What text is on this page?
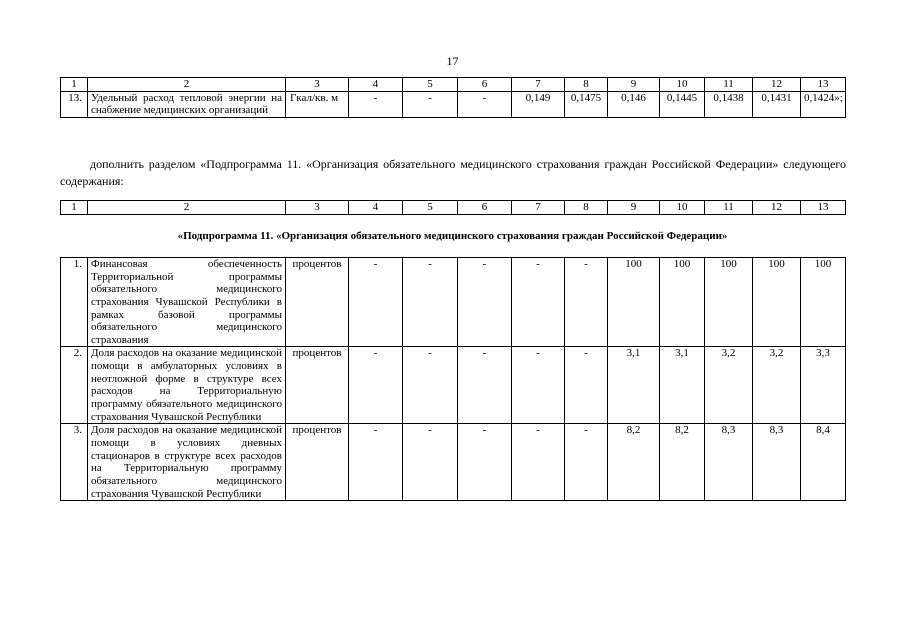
17
1	2	3	4	5	6	7	8	9	10	11	12	13
13.	Удельный расход тепловой энергии на снабжение медицинских организаций	Гкал/кв. м	-	-	-	0,149	0,1475	0,146	0,1445	0,1438	0,1431	0,1424»;
дополнить разделом «Подпрограмма 11. «Организация обязательного медицинского страхования граждан Российской Федерации» следующего содержания:
1	2	3	4	5	6	7	8	9	10	11	12	13
«Подпрограмма 11. «Организация обязательного медицинского страхования граждан Российской Федерации»
1.	Финансовая обеспеченность Территориальной программы обязательного медицинского страхования Чувашской Республики в рамках базовой программы обязательного медицинского страхования	процентов	-	-	-	-	-	100	100	100	100	100
2.	Доля расходов на оказание медицинской помощи в амбулаторных условиях в неотложной форме в структуре всех расходов на Территориальную программу обязательного медицинского страхования Чувашской Республики	процентов	-	-	-	-	-	3,1	3,1	3,2	3,2	3,3
3.	Доля расходов на оказание медицинской помощи в условиях дневных стационаров в структуре всех расходов на Территориальную программу обязательного медицинского страхования Чувашской Республики	процентов	-	-	-	-	-	8,2	8,2	8,3	8,3	8,4
